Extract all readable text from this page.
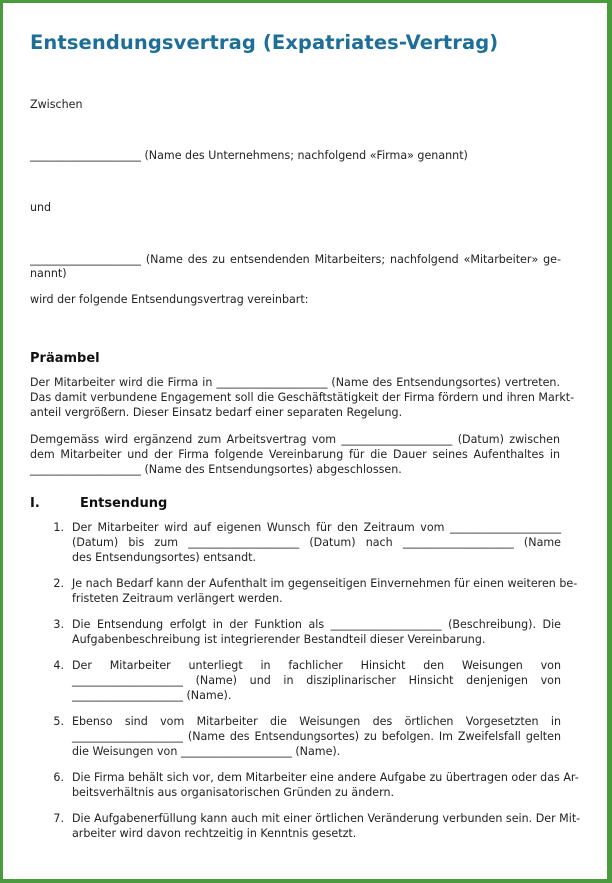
Entsendungsvertrag (Expatriates-Vertrag)
Zwischen
____________________ (Name des Unternehmens; nachfolgend «Firma» genannt)
und
____________________ (Name des zu entsendenden Mitarbeiters; nachfolgend «Mitarbeiter» ge-
nannt)
wird der folgende Entsendungsvertrag vereinbart:
Präambel
Der Mitarbeiter wird die Firma in ____________________ (Name des Entsendungsortes) vertreten.
Das damit verbundene Engagement soll die Geschäftstätigkeit der Firma fördern und ihren Markt-
anteil vergrößern. Dieser Einsatz bedarf einer separaten Regelung.
Demgemäss wird ergänzend zum Arbeitsvertrag vom ____________________ (Datum) zwischen
dem Mitarbeiter und der Firma folgende Vereinbarung für die Dauer seines Aufenthaltes in
____________________ (Name des Entsendungsortes) abgeschlossen.
I.	Entsendung
1. Der Mitarbeiter wird auf eigenen Wunsch für den Zeitraum vom ____________________
(Datum) bis zum ____________________ (Datum) nach ____________________ (Name
des Entsendungsortes) entsandt.
2. Je nach Bedarf kann der Aufenthalt im gegenseitigen Einvernehmen für einen weiteren be-
fristeten Zeitraum verlängert werden.
3. Die Entsendung erfolgt in der Funktion als ____________________ (Beschreibung). Die
Aufgabenbeschreibung ist integrierender Bestandteil dieser Vereinbarung.
4. Der Mitarbeiter unterliegt in fachlicher Hinsicht den Weisungen von
____________________ (Name) und in disziplinarischer Hinsicht denjenigen von
____________________ (Name).
5. Ebenso sind vom Mitarbeiter die Weisungen des örtlichen Vorgesetzten in
____________________ (Name des Entsendungsortes) zu befolgen. Im Zweifelsfall gelten
die Weisungen von ____________________ (Name).
6. Die Firma behält sich vor, dem Mitarbeiter eine andere Aufgabe zu übertragen oder das Ar-
beitsverhältnis aus organisatorischen Gründen zu ändern.
7. Die Aufgabenerfüllung kann auch mit einer örtlichen Veränderung verbunden sein. Der Mit-
arbeiter wird davon rechtzeitig in Kenntnis gesetzt.
